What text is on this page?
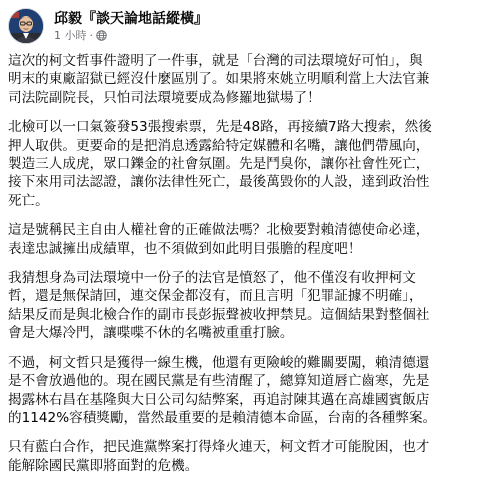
邱毅『談天論地話縱橫』
1 小時 ·

這次的柯文哲事件證明了一件事，就是「台灣的司法環境好可怕」，與
明末的東廠詔獄已經沒什麼區別了。如果將來姚立明順利當上大法官兼
司法院副院長，只怕司法環境要成為修羅地獄場了！

北檢可以一口氣簽發53張搜索票，先是48路，再接續7路大搜索，然後
押人取供。更要命的是把消息透露給特定媒體和名嘴，讓他們帶風向，
製造三人成虎，眾口鑠金的社會氛圍。先是鬥臭你，讓你社會性死亡，
接下來用司法認證，讓你法律性死亡，最後萬毀你的人設，達到政治性
死亡。

這是號稱民主自由人權社會的正確做法嗎？北檢要對賴清德使命必達，
表達忠誠擁出成績單，也不須做到如此明目張膽的程度吧！

我猜想身為司法環境中一份子的法官是憤怒了，他不僅沒有收押柯文
哲，還是無保請回，連交保金都沒有，而且言明「犯罪証據不明確」，
結果反而是與北檢合作的副市長彭振聲被收押禁見。這個結果對整個社
會是大爆冷門，讓喋喋不休的名嘴被重重打臉。

不過，柯文哲只是獲得一線生機，他還有更險峻的難關要闖，賴清德還
是不會放過他的。現在國民黨是有些清醒了，總算知道唇亡齒寒，先是
揭露林右昌在基隆與大日公司勾結弊案，再追討陳其邁在高雄國賓飯店
的1142%容積獎勵，當然最重要的是賴清德本命區，台南的各種弊案。

只有藍白合作，把民進黨弊案打得烽火連天，柯文哲才可能脫困，也才
能解除國民黨即將面對的危機。
